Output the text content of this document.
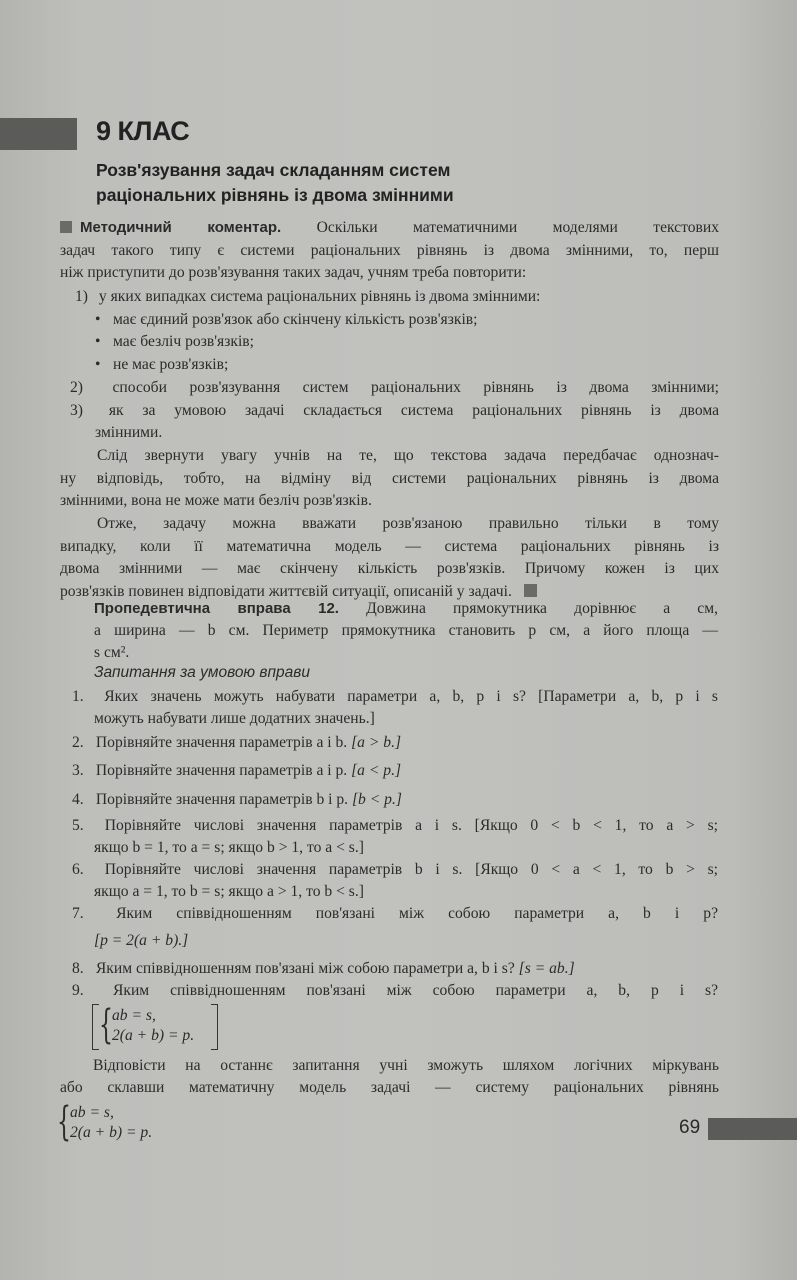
9 КЛАС
Розв'язування задач складанням систем
раціональних рівнянь із двома змінними
Методичний коментар. Оскільки математичними моделями текстових
задач такого типу є системи раціональних рівнянь із двома змінними, то, перш
ніж приступити до розв'язування таких задач, учням треба повторити:
1) у яких випадках система раціональних рівнянь із двома змінними:
• має єдиний розв'язок або скінчену кількість розв'язків;
• має безліч розв'язків;
• не має розв'язків;
2) способи розв'язування систем раціональних рівнянь із двома змінними;
3) як за умовою задачі складається система раціональних рівнянь із двома
змінними.
Слід звернути увагу учнів на те, що текстова задача передбачає однознач-
ну відповідь, тобто, на відміну від системи раціональних рівнянь із двома
змінними, вона не може мати безліч розв'язків.
Отже, задачу можна вважати розв'язаною правильно тільки в тому
випадку, коли її математична модель — система раціональних рівнянь із
двома змінними — має скінчену кількість розв'язків. Причому кожен із цих
розв'язків повинен відповідати життєвій ситуації, описаній у задачі.
Пропедевтична вправа 12. Довжина прямокутника дорівнює a см,
а ширина — b см. Периметр прямокутника становить p см, а його площа —
s см².
Запитання за умовою вправи
1. Яких значень можуть набувати параметри a, b, p і s? [Параметри a, b, p і s
можуть набувати лише додатних значень.]
2. Порівняйте значення параметрів a і b. [a > b.]
3. Порівняйте значення параметрів a і p. [a < p.]
4. Порівняйте значення параметрів b і p. [b < p.]
5. Порівняйте числові значення параметрів a і s. [Якщо 0 < b < 1, то a > s;
якщо b = 1, то a = s; якщо b > 1, то a < s.]
6. Порівняйте числові значення параметрів b і s. [Якщо 0 < a < 1, то b > s;
якщо a = 1, то b = s; якщо a > 1, то b < s.]
7. Яким співвідношенням пов'язані між собою параметри a, b і p?
[p = 2(a + b).]
8. Яким співвідношенням пов'язані між собою параметри a, b і s? [s = ab.]
9. Яким співвідношенням пов'язані між собою параметри a, b, p і s?
{ ab = s,
2(a + b) = p.
Відповісти на останнє запитання учні зможуть шляхом логічних міркувань
або склавши математичну модель задачі — систему раціональних рівнянь
{ ab = s,
2(a + b) = p.	69
